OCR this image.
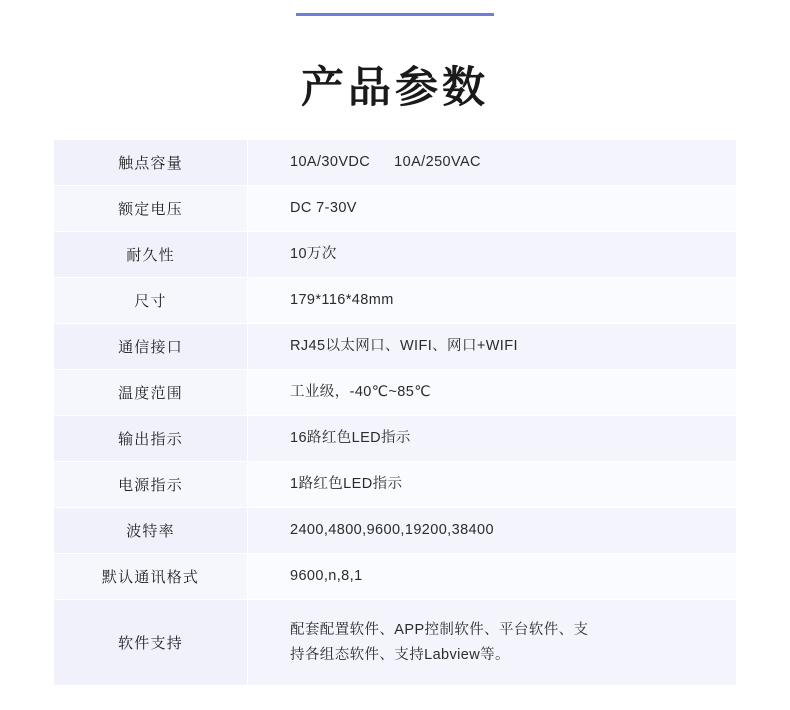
产品参数
触点容量	10A/30VDC 10A/250VAC

额定电压	DC 7-30V

耐久性	10万次

尺寸	179*116*48mm

通信接口	RJ45以太网口、WIFI、网口+WIFI

温度范围	工业级，-40℃~85℃

输出指示	16路红色LED指示

电源指示	1路红色LED指示

波特率	2400,4800,9600,19200,38400

默认通讯格式	9600,n,8,1

软件支持	配套配置软件、APP控制软件、平台软件、支
持各组态软件、支持Labview等。
